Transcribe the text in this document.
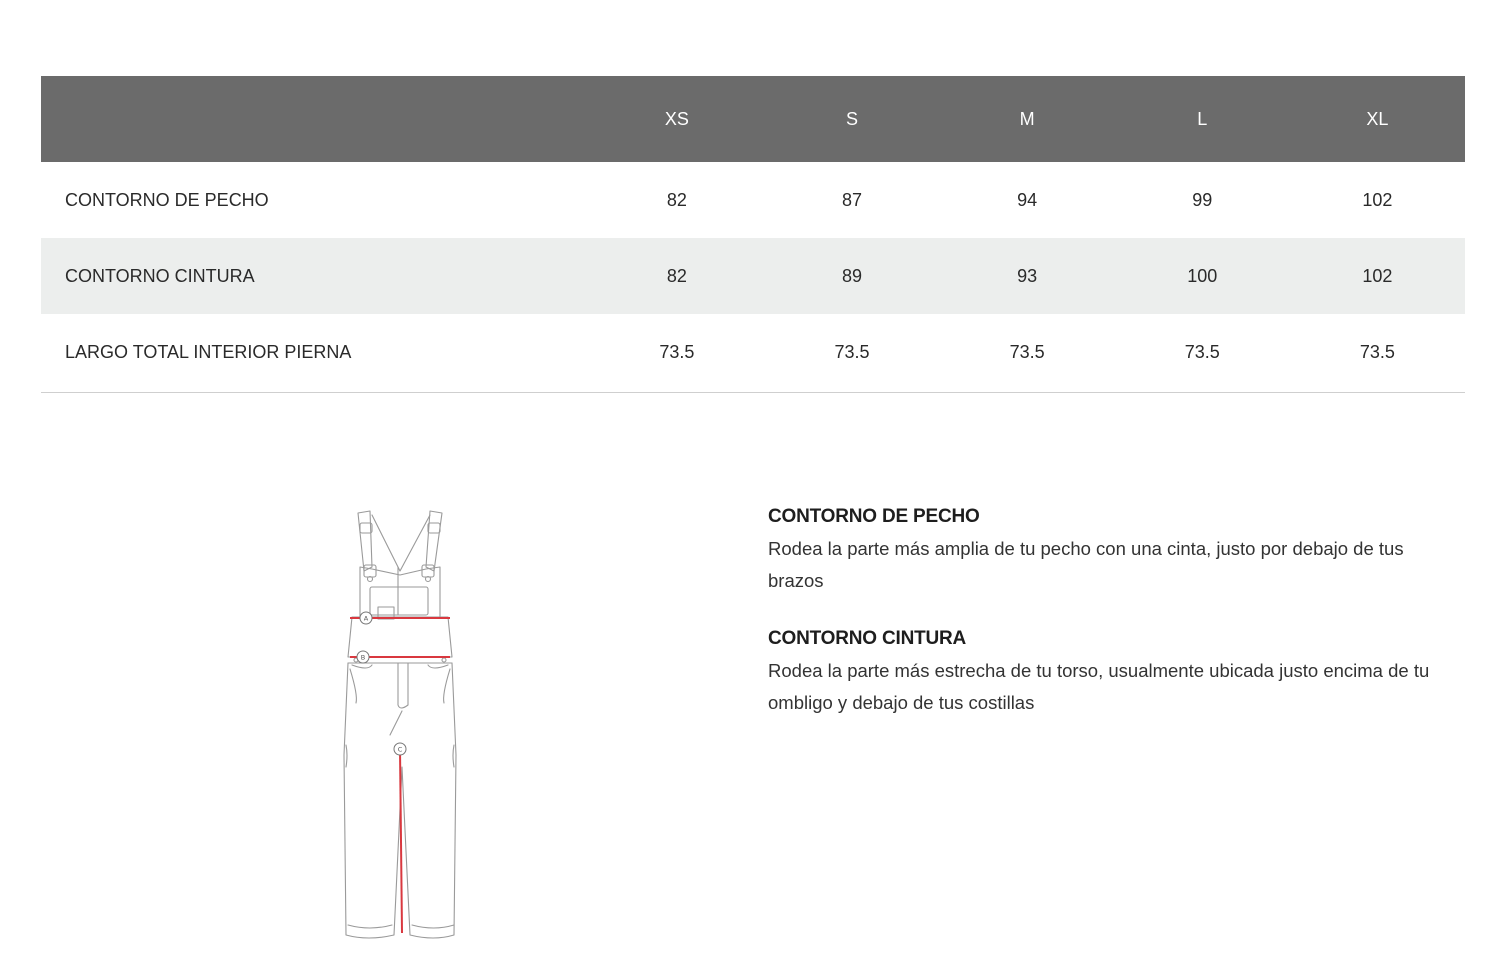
	XS	S	M	L	XL
CONTORNO DE PECHO	82	87	94	99	102
CONTORNO CINTURA	82	89	93	100	102
LARGO TOTAL INTERIOR PIERNA	73.5	73.5	73.5	73.5	73.5
A
B
C
CONTORNO DE PECHO
Rodea la parte más amplia de tu pecho con una cinta, justo por debajo de tus brazos
CONTORNO CINTURA
Rodea la parte más estrecha de tu torso, usualmente ubicada justo encima de tu ombligo y debajo de tus costillas
